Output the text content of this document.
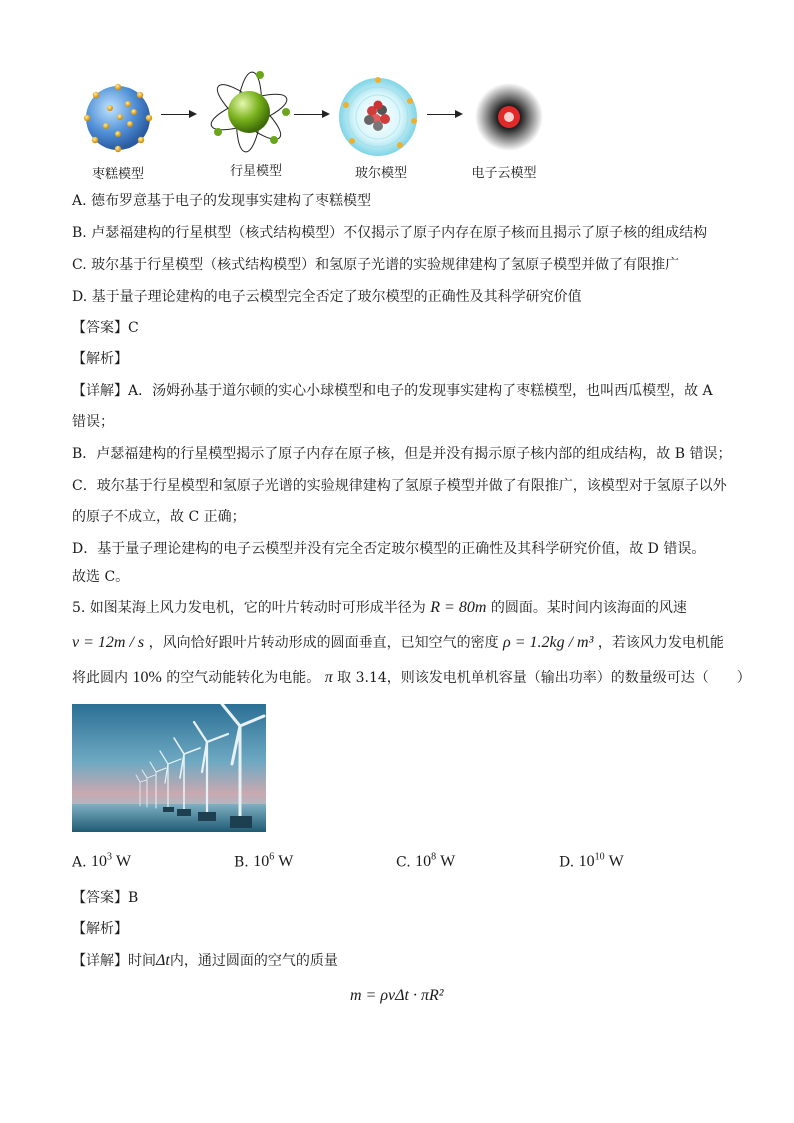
枣糕模型	行星模型	玻尔模型	电子云模型
A. 德布罗意基于电子的发现事实建构了枣糕模型
B. 卢瑟福建构的行星棋型（核式结构模型）不仅揭示了原子内存在原子核而且揭示了原子核的组成结构
C. 玻尔基于行星模型（核式结构模型）和氢原子光谱的实验规律建构了氢原子模型并做了有限推广
D. 基于量子理论建构的电子云模型完全否定了玻尔模型的正确性及其科学研究价值
【答案】C
【解析】
【详解】A．汤姆孙基于道尔顿的实心小球模型和电子的发现事实建构了枣糕模型，也叫西瓜模型，故 A
错误；
B．卢瑟福建构的行星模型揭示了原子内存在原子核，但是并没有揭示原子核内部的组成结构，故 B 错误；
C．玻尔基于行星模型和氢原子光谱的实验规律建构了氢原子模型并做了有限推广，该模型对于氢原子以外
的原子不成立，故 C 正确；
D．基于量子理论建构的电子云模型并没有完全否定玻尔模型的正确性及其科学研究价值，故 D 错误。
故选 C。
5. 如图某海上风力发电机，它的叶片转动时可形成半径为 R = 80m 的圆面。某时间内该海面的风速
v = 12m / s ，风向恰好跟叶片转动形成的圆面垂直，已知空气的密度 ρ = 1.2kg / m³ ，若该风力发电机能
将此圆内 10% 的空气动能转化为电能。 π 取 3.14，则该发电机单机容量（输出功率）的数量级可达（　　）
A. $10^3$ W	B. $10^6$ W	C. $10^8$ W	D. $10^{10}$ W
【答案】B
【解析】
【详解】时间Δt内，通过圆面的空气的质量
m = ρvΔt · πR²
